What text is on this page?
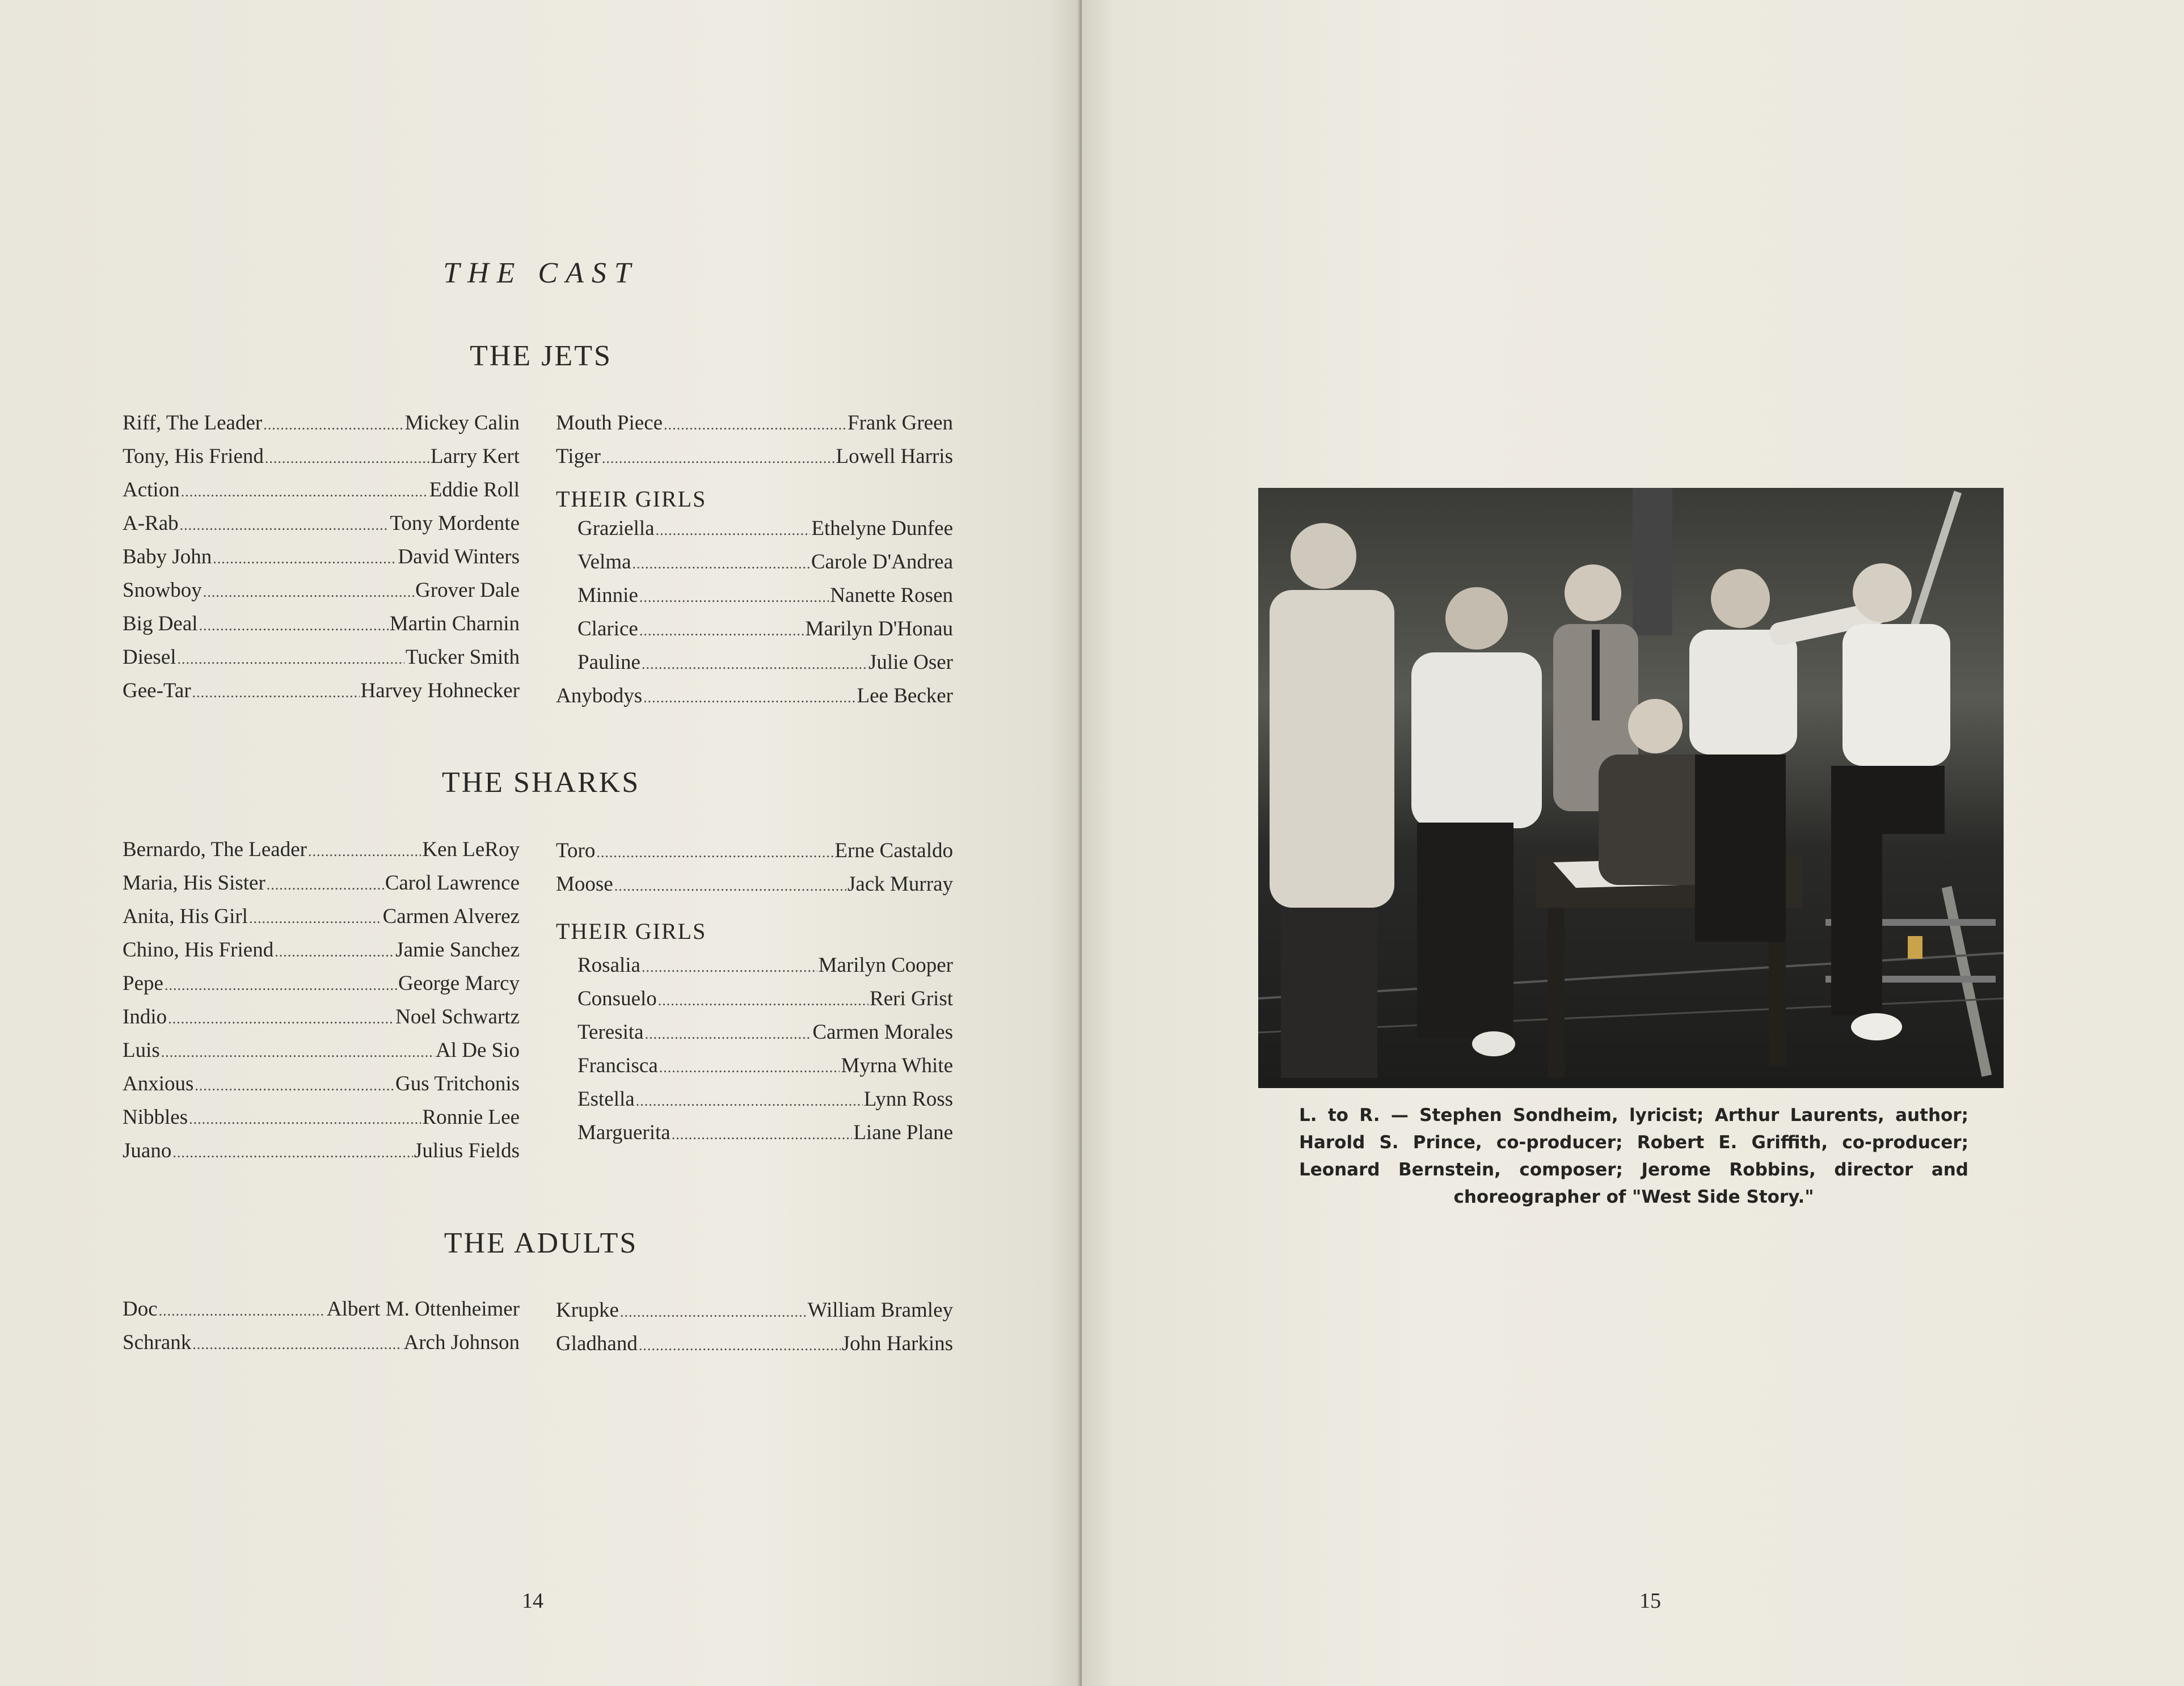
THE CAST
THE JETS
Riff, The Leader .....	Mickey Calin
Tony, His Friend .....	Larry Kert
Action .....	Eddie Roll
A-Rab .....	Tony Mordente
Baby John .....	David Winters
Snowboy .....	Grover Dale
Big Deal .....	Martin Charnin
Diesel .....	Tucker Smith
Gee-Tar .....	Harvey Hohnecker
Mouth Piece .....	Frank Green
Tiger .....	Lowell Harris
THEIR GIRLS
Graziella .....	Ethelyne Dunfee
Velma .....	Carole D'Andrea
Minnie .....	Nanette Rosen
Clarice .....	Marilyn D'Honau
Pauline .....	Julie Oser
Anybodys .....	Lee Becker
THE SHARKS
Bernardo, The Leader .....	Ken LeRoy
Maria, His Sister .....	Carol Lawrence
Anita, His Girl .....	Carmen Alverez
Chino, His Friend .....	Jamie Sanchez
Pepe .....	George Marcy
Indio .....	Noel Schwartz
Luis .....	Al De Sio
Anxious .....	Gus Tritchonis
Nibbles .....	Ronnie Lee
Juano .....	Julius Fields
Toro .....	Erne Castaldo
Moose .....	Jack Murray
THEIR GIRLS
Rosalia .....	Marilyn Cooper
Consuelo .....	Reri Grist
Teresita .....	Carmen Morales
Francisca .....	Myrna White
Estella .....	Lynn Ross
Marguerita .....	Liane Plane
THE ADULTS
Doc .....	Albert M. Ottenheimer
Schrank .....	Arch Johnson
Krupke .....	William Bramley
Gladhand .....	John Harkins
14
L. to R. — Stephen Sondheim, lyricist; Arthur Laurents, author; Harold S. Prince, co-producer; Robert E. Griffith, co-producer; Leonard Bernstein, composer; Jerome Robbins, director and choreographer of "West Side Story."
15
